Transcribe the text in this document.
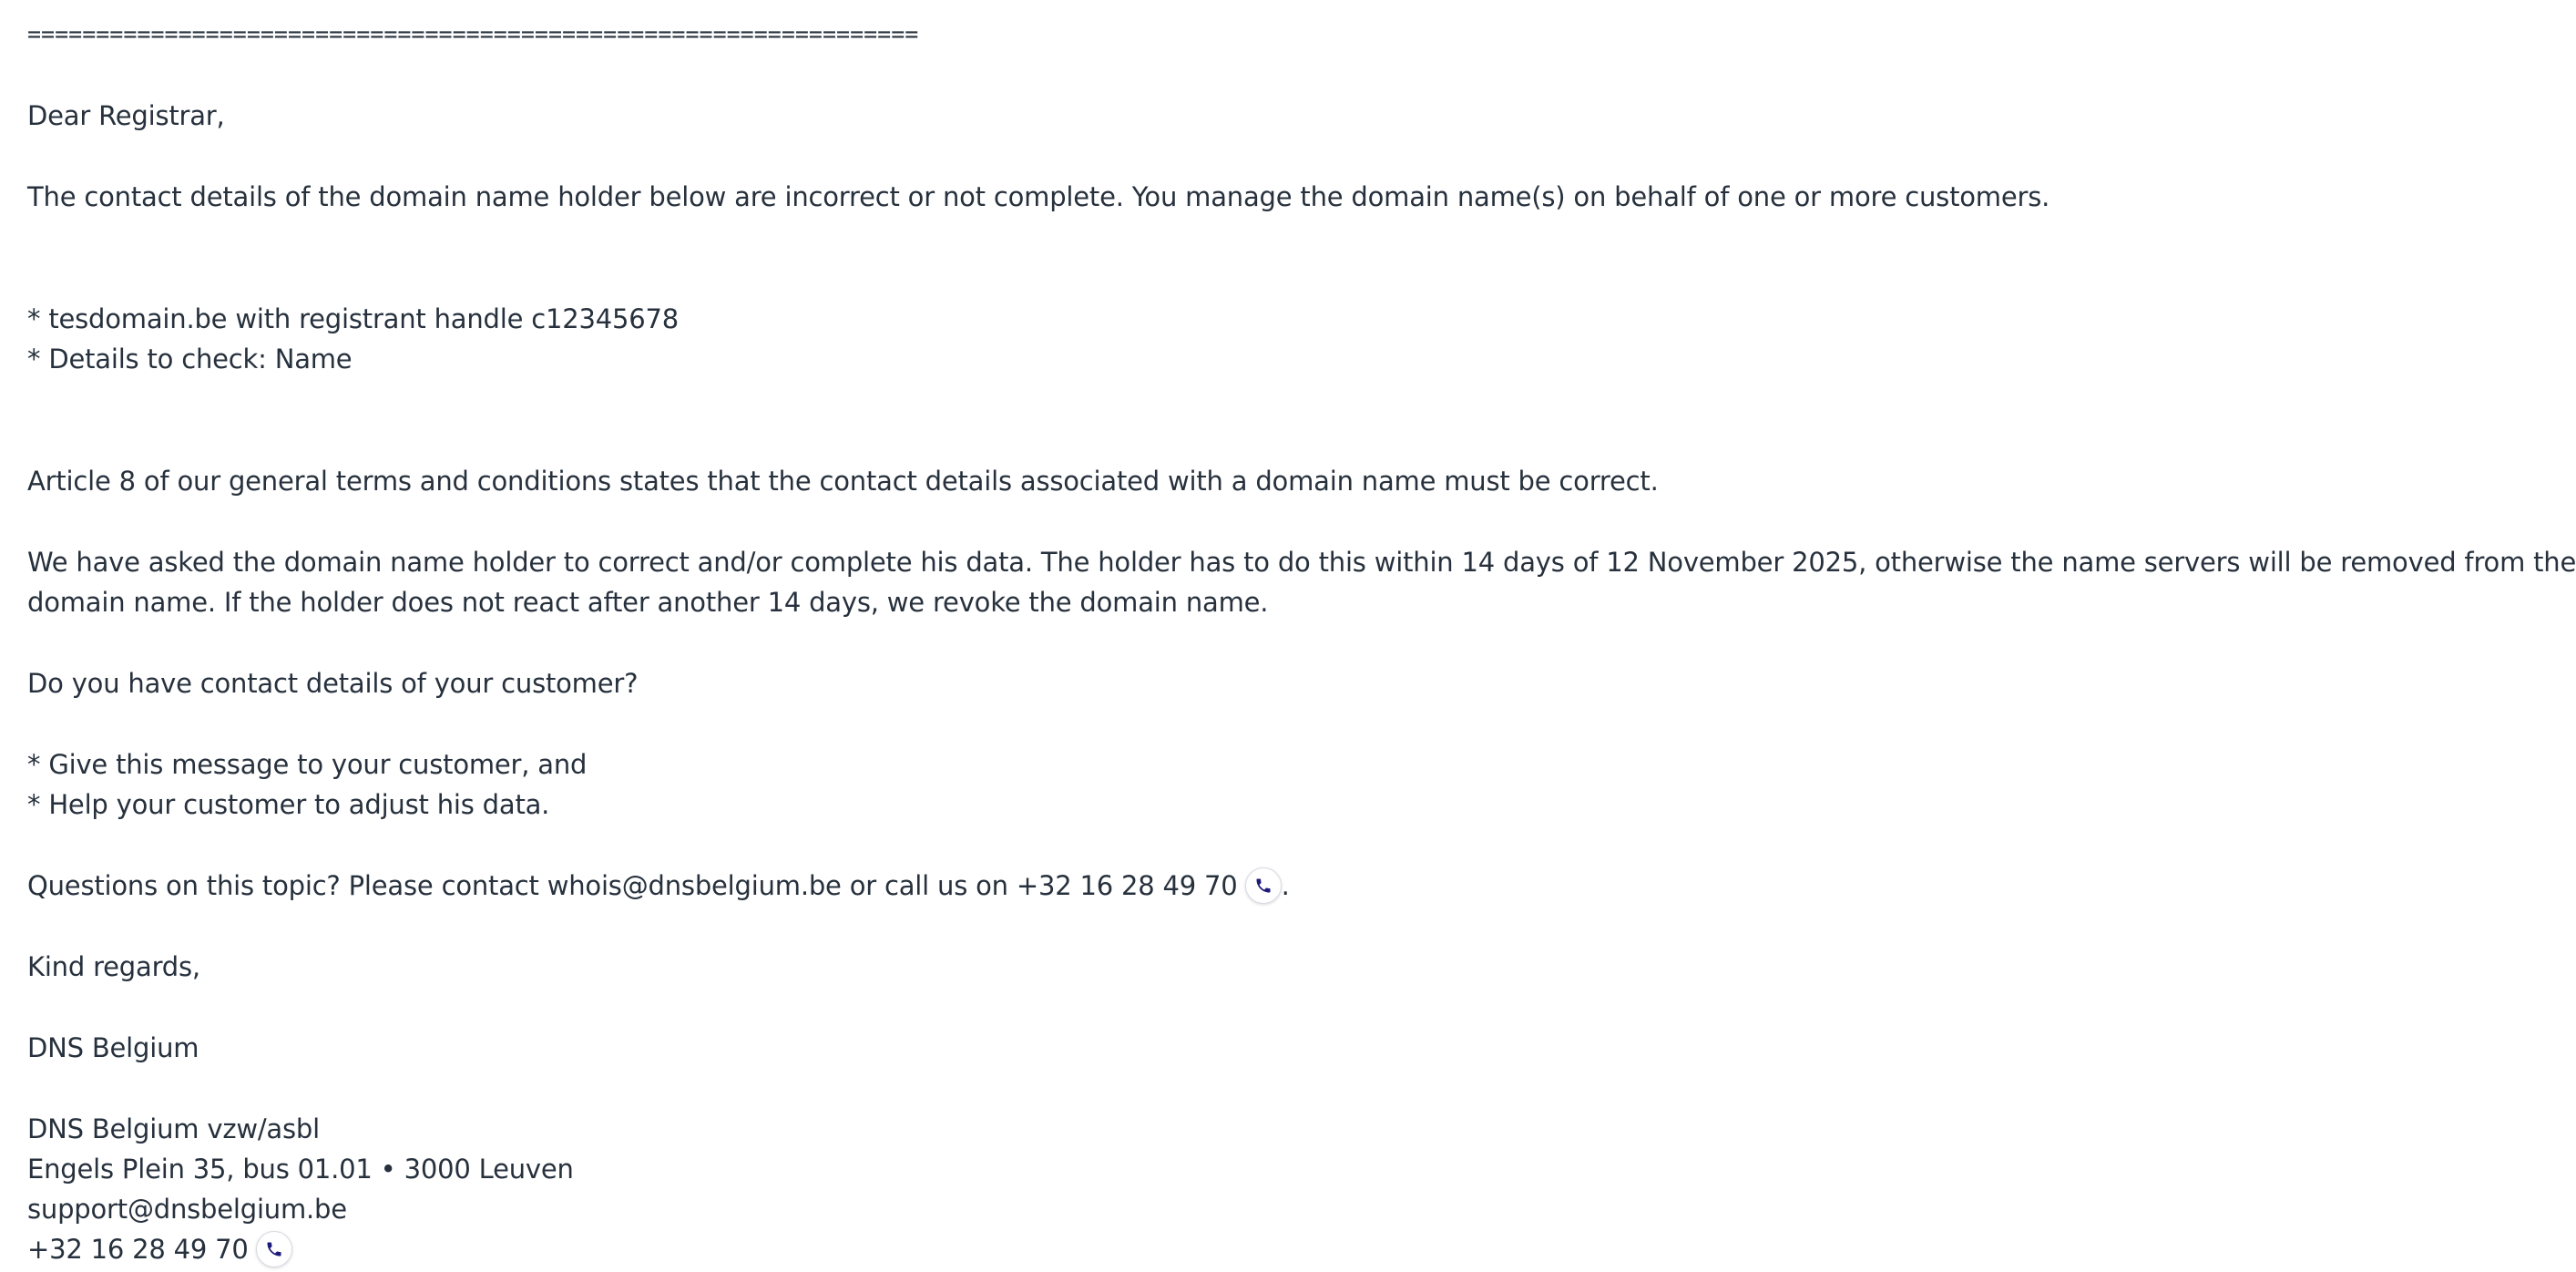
=================================================================
Dear Registrar,
The contact details of the domain name holder below are incorrect or not complete. You manage the domain name(s) on behalf of one or more customers.
* tesdomain.be with registrant handle c12345678
* Details to check: Name
Article 8 of our general terms and conditions states that the contact details associated with a domain name must be correct.
We have asked the domain name holder to correct and/or complete his data. The holder has to do this within 14 days of 12 November 2025, otherwise the name servers will be removed from the
domain name. If the holder does not react after another 14 days, we revoke the domain name.
Do you have contact details of your customer?
* Give this message to your customer, and
* Help your customer to adjust his data.
Questions on this topic? Please contact whois@dnsbelgium.be or call us on +32 16 28 49 70 .
Kind regards,
DNS Belgium
DNS Belgium vzw/asbl
Engels Plein 35, bus 01.01 • 3000 Leuven
support@dnsbelgium.be
+32 16 28 49 70
